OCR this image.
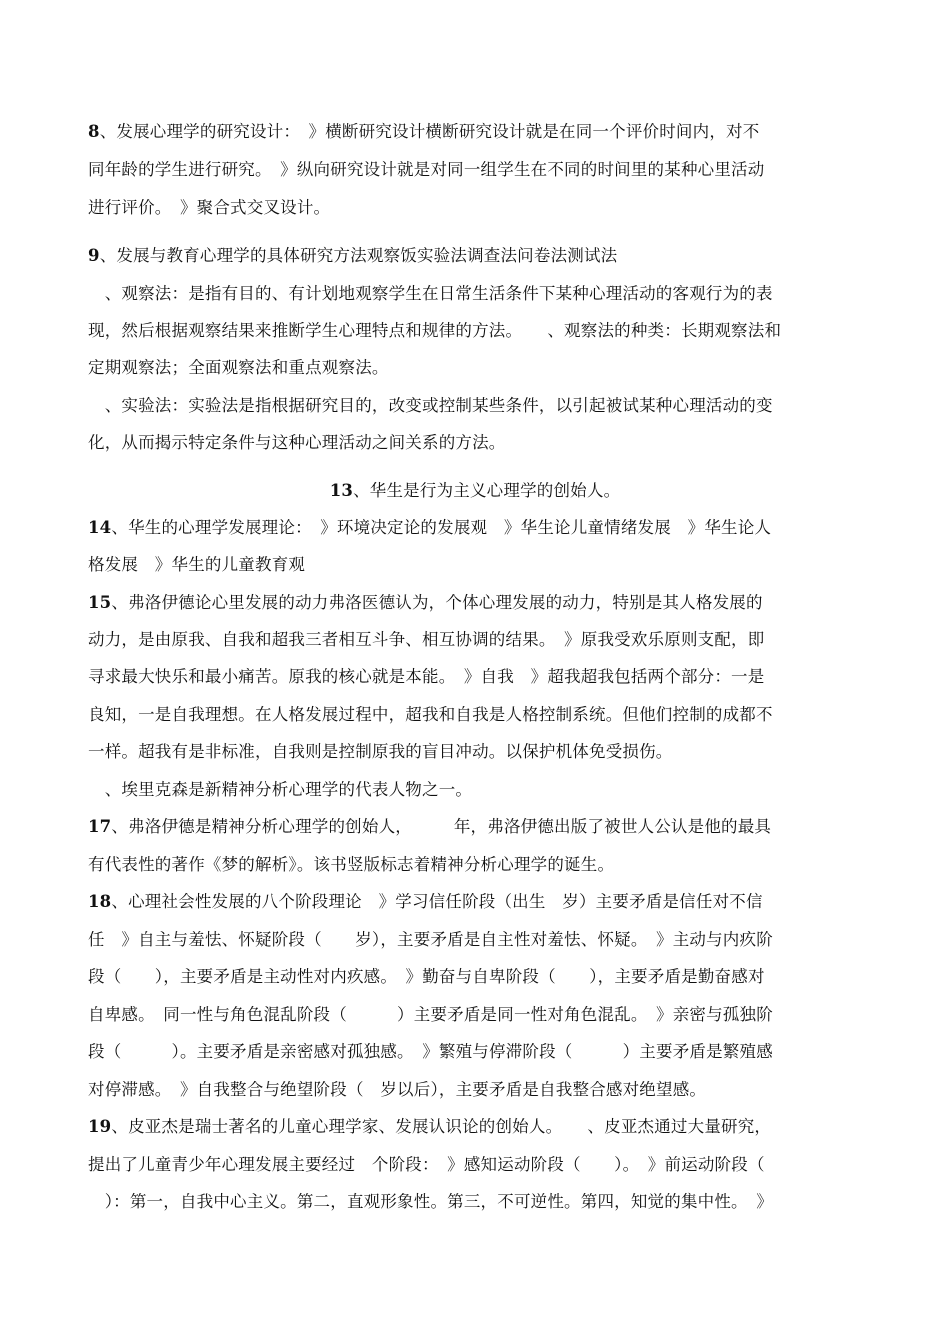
8、发展心理学的研究设计：　》横断研究设计横断研究设计就是在同一个评价时间内，对不
同年龄的学生进行研究。　》纵向研究设计就是对同一组学生在不同的时间里的某种心里活动
进行评价。　》聚合式交叉设计。
9、发展与教育心理学的具体研究方法观察饭实验法调查法问卷法测试法
　、观察法：是指有目的、有计划地观察学生在日常生活条件下某种心理活动的客观行为的表
现，然后根据观察结果来推断学生心理特点和规律的方法。　　、观察法的种类：长期观察法和
定期观察法；全面观察法和重点观察法。
　、实验法：实验法是指根据研究目的，改变或控制某些条件，以引起被试某种心理活动的变
化，从而揭示特定条件与这种心理活动之间关系的方法。
13、华生是行为主义心理学的创始人。
14、华生的心理学发展理论：　》环境决定论的发展观　》华生论儿童情绪发展　》华生论人
格发展　》华生的儿童教育观
15、弗洛伊德论心里发展的动力弗洛医德认为，个体心理发展的动力，特别是其人格发展的
动力，是由原我、自我和超我三者相互斗争、相互协调的结果。　》原我受欢乐原则支配，即
寻求最大快乐和最小痛苦。原我的核心就是本能。　》自我　》超我超我包括两个部分：一是
良知，一是自我理想。在人格发展过程中，超我和自我是人格控制系统。但他们控制的成都不
一样。超我有是非标准，自我则是控制原我的盲目冲动。以保护机体免受损伤。
　、埃里克森是新精神分析心理学的代表人物之一。
17、弗洛伊德是精神分析心理学的创始人，　　　年，弗洛伊德出版了被世人公认是他的最具
有代表性的著作《梦的解析》。该书竖版标志着精神分析心理学的诞生。
18、心理社会性发展的八个阶段理论　》学习信任阶段（出生　岁）主要矛盾是信任对不信
任　》自主与羞怯、怀疑阶段（　　岁），主要矛盾是自主性对羞怯、怀疑。　》主动与内疚阶
段（　　），主要矛盾是主动性对内疚感。　》勤奋与自卑阶段（　　），主要矛盾是勤奋感对
自卑感。　同一性与角色混乱阶段（　　　）主要矛盾是同一性对角色混乱。　》亲密与孤独阶
段（　　　）。主要矛盾是亲密感对孤独感。　》繁殖与停滞阶段（　　　）主要矛盾是繁殖感
对停滞感。　》自我整合与绝望阶段（　岁以后），主要矛盾是自我整合感对绝望感。
19、皮亚杰是瑞士著名的儿童心理学家、发展认识论的创始人。　　、皮亚杰通过大量研究，
提出了儿童青少年心理发展主要经过　个阶段：　》感知运动阶段（　　）。　》前运动阶段（
　）：第一，自我中心主义。第二，直观形象性。第三，不可逆性。第四，知觉的集中性。　》
